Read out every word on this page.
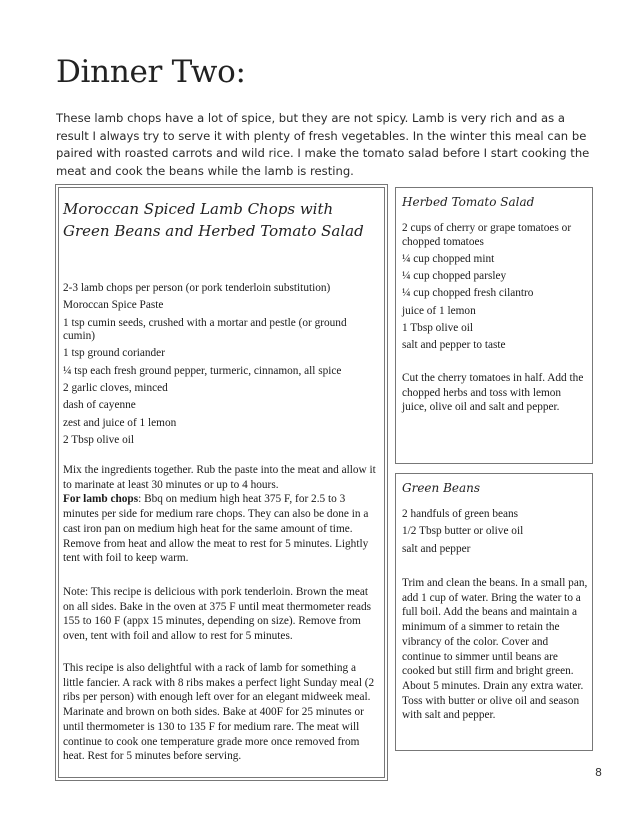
Dinner Two:

These lamb chops have a lot of spice, but they are not spicy. Lamb is very rich and as a result I always try to serve it with plenty of fresh vegetables. In the winter this meal can be paired with roasted carrots and wild rice. I make the tomato salad before I start cooking the meat and cook the beans while the lamb is resting.

Moroccan Spiced Lamb Chops with Green Beans and Herbed Tomato Salad
2-3 lamb chops per person (or pork tenderloin substitution)
Moroccan Spice Paste
1 tsp cumin seeds, crushed with a mortar and pestle (or ground cumin)
1 tsp ground coriander
¼ tsp each fresh ground pepper, turmeric, cinnamon, all spice
2 garlic cloves, minced
dash of cayenne
zest and juice of 1 lemon
2 Tbsp olive oil

Mix the ingredients together. Rub the paste into the meat and allow it to marinate at least 30 minutes or up to 4 hours.

For lamb chops: Bbq on medium high heat 375 F, for 2.5 to 3 minutes per side for medium rare chops. They can also be done in a cast iron pan on medium high heat for the same amount of time. Remove from heat and allow the meat to rest for 5 minutes. Lightly tent with foil to keep warm.

Note: This recipe is delicious with pork tenderloin. Brown the meat on all sides. Bake in the oven at 375 F until meat thermometer reads 155 to 160 F (appx 15 minutes, depending on size). Remove from oven, tent with foil and allow to rest for 5 minutes.

This recipe is also delightful with a rack of lamb for something a little fancier. A rack with 8 ribs makes a perfect light Sunday meal (2 ribs per person) with enough left over for an elegant midweek meal. Marinate and brown on both sides. Bake at 400F for 25 minutes or until thermometer is 130 to 135 F for medium rare. The meat will continue to cook one temperature grade more once removed from heat. Rest for 5 minutes before serving.

Herbed Tomato Salad
2 cups of cherry or grape tomatoes or chopped tomatoes
¼ cup chopped mint
¼ cup chopped parsley
¼ cup chopped fresh cilantro
juice of 1 lemon
1 Tbsp olive oil
salt and pepper to taste

Cut the cherry tomatoes in half. Add the chopped herbs and toss with lemon juice, olive oil and salt and pepper.

Green Beans
2 handfuls of green beans
1/2 Tbsp butter or olive oil
salt and pepper

Trim and clean the beans. In a small pan, add 1 cup of water. Bring the water to a full boil. Add the beans and maintain a minimum of a simmer to retain the vibrancy of the color. Cover and continue to simmer until beans are cooked but still firm and bright green. About 5 minutes. Drain any extra water. Toss with butter or olive oil and season with salt and pepper.

8
